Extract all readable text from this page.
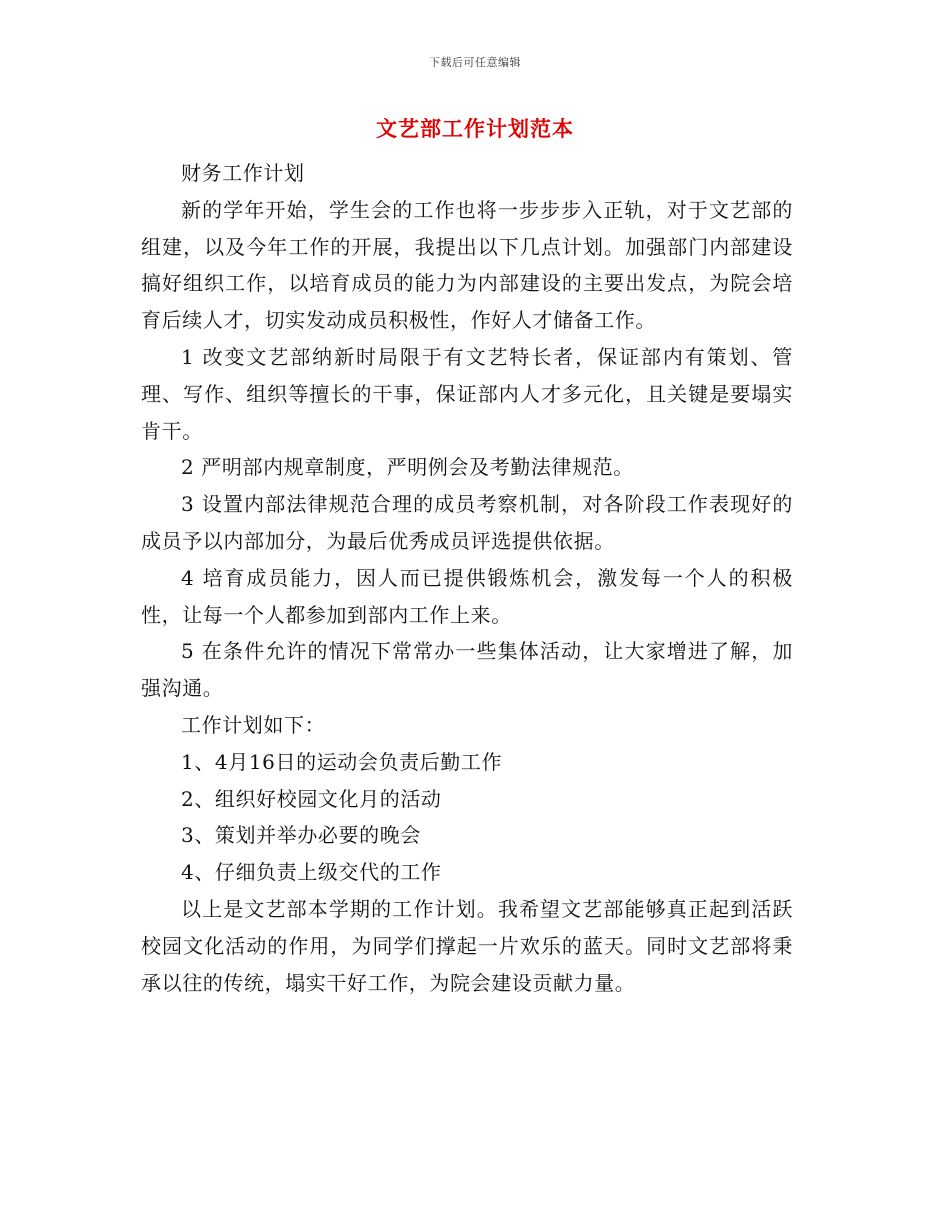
下载后可任意编辑
文艺部工作计划范本

财务工作计划

新的学年开始，学生会的工作也将一步步步入正轨，对于文艺部的组建，以及今年工作的开展，我提出以下几点计划。加强部门内部建设搞好组织工作，以培育成员的能力为内部建设的主要出发点，为院会培育后续人才，切实发动成员积极性，作好人才储备工作。

1 改变文艺部纳新时局限于有文艺特长者，保证部内有策划、管理、写作、组织等擅长的干事，保证部内人才多元化，且关键是要塌实肯干。

2 严明部内规章制度，严明例会及考勤法律规范。

3 设置内部法律规范合理的成员考察机制，对各阶段工作表现好的成员予以内部加分，为最后优秀成员评选提供依据。

4 培育成员能力，因人而已提供锻炼机会，激发每一个人的积极性，让每一个人都参加到部内工作上来。

5 在条件允许的情况下常常办一些集体活动，让大家增进了解，加强沟通。

工作计划如下：

1、4月16日的运动会负责后勤工作

2、组织好校园文化月的活动

3、策划并举办必要的晚会

4、仔细负责上级交代的工作

以上是文艺部本学期的工作计划。我希望文艺部能够真正起到活跃校园文化活动的作用，为同学们撑起一片欢乐的蓝天。同时文艺部将秉承以往的传统，塌实干好工作，为院会建设贡献力量。
